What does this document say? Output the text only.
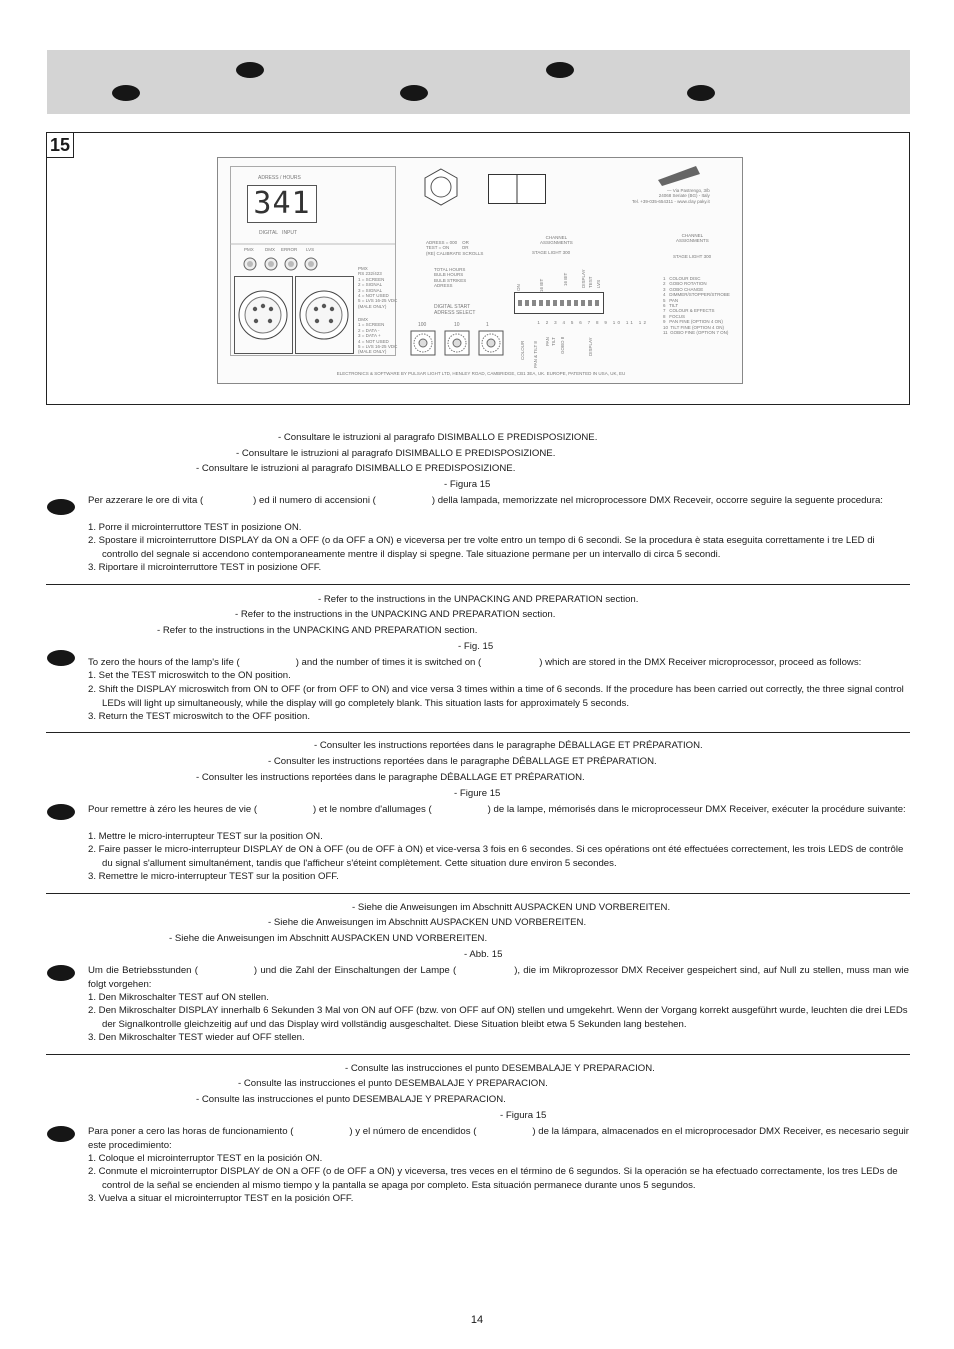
15
ADRESS / HOURS
341
DIGITAL   INPUT
PMX DMX ERROR LVS
PMX
RS 232/423
1 = SCREEN
2 = SIGNAL
3 = SIGNAL
4 = NOT USED
5 = LVS 16-25 VDC
(MALE ONLY)
DMX
1 = SCREEN
2 = DATA -
3 = DATA +
4 = NOT USED
5 = LVS 16-25 VDC
(MALE ONLY)
ADRESS = 000    OR
TEST = ON          OR
(RE) CALIBRATE SCROLLS
TOTAL HOURS
BULB HOURS
BULB STRIKES
ADRESS
DIGITAL START
ADRESS SELECT
100	10	1
CHANNEL
ASSIGNMENTS
STAGE LIGHT 300
ON	16 BIT	16 BIT	DISPLAY TEST LVS

1 2 3 4 5 6 7 8 9 10 11 12

COLOUR PAN & TILT 8 PAN TILT GOBO 8	DISPLAY
— Via Pastrengo, 3/b
24068 Seriate (BG) - Italy
Tel. +39-035-654311 - www.clay paky.it
CHANNEL
ASSIGNMENTS
STAGE LIGHT 300
1   COLOUR DISC
2   GOBO ROTATION
3   GOBO CHANGE
4   DIMMER/STOPPER/STROBE
5   PAN
6   TILT
7   COLOUR & EFFECTS
8   FOCUS
9   PAN FINE (OPTION 4 ON)
10  TILT FINE (OPTION 4 ON)
11  GOBO FINE (OPTION 7 ON)
ELECTRONICS & SOFTWARE BY PULSAR LIGHT LTD, HENLEY ROAD, CAMBRIDGE, CB1 3EA, UK. EUROPE, PATENTED IN USA, UK, EU
- Consultare le istruzioni al paragrafo DISIMBALLO E PREDISPOSIZIONE.
- Consultare le istruzioni al paragrafo DISIMBALLO E PREDISPOSIZIONE.
- Consultare le istruzioni al paragrafo DISIMBALLO E PREDISPOSIZIONE.
- Figura 15
Per azzerare le ore di vita (	) ed il numero di accensioni (	) della lampada, memorizzate nel microprocessore DMX Receveir, occorre seguire la seguente procedura:
1. Porre il microinterruttore TEST in posizione ON.
2. Spostare il microinterruttore DISPLAY da ON a OFF (o da OFF a ON) e viceversa per tre volte entro un tempo di 6 secondi. Se la procedura è stata eseguita correttamente i tre LED di controllo del segnale si accendono contemporaneamente mentre il display si spegne. Tale situazione permane per un intervallo di circa 5 secondi.
3. Riportare il microinterruttore TEST in posizione OFF.
- Refer to the instructions in the UNPACKING AND PREPARATION section.
- Refer to the instructions in the UNPACKING AND PREPARATION section.
- Refer to the instructions in the UNPACKING AND PREPARATION section.
- Fig. 15
To zero the hours of the lamp's life (	) and the number of times it is switched on (	) which are stored in the DMX Receiver microprocessor, proceed as follows:
1. Set the TEST microswitch to the ON position.
2. Shift the DISPLAY microswitch from ON to OFF (or from OFF to ON) and vice versa 3 times within a time of 6 seconds. If the procedure has been carried out correctly, the three signal control LEDs will light up simultaneously, while the display will go completely blank. This situation lasts for approximately 5 seconds.
3. Return the TEST microswitch to the OFF position.
- Consulter les instructions reportées dans le paragraphe DÉBALLAGE ET PRÉPARATION.
- Consulter les instructions reportées dans le paragraphe DÉBALLAGE ET PRÉPARATION.
- Consulter les instructions reportées dans le paragraphe DÉBALLAGE ET PRÉPARATION.
- Figure 15
Pour remettre à zéro les heures de vie (	) et le nombre d'allumages (	) de la lampe, mémorisés dans le microprocesseur DMX Receiver, exécuter la procédure suivante:
1. Mettre le micro-interrupteur TEST sur la position ON.
2. Faire passer le micro-interrupteur DISPLAY de ON à OFF (ou de OFF à ON) et vice-versa 3 fois en 6 secondes. Si ces opérations ont été effectuées correctement, les trois LEDS de contrôle du signal s'allument simultanément, tandis que l'afficheur s'éteint complètement. Cette situation dure environ 5 secondes.
3. Remettre le micro-interrupteur TEST sur la position OFF.
- Siehe die Anweisungen im Abschnitt AUSPACKEN UND VORBEREITEN.
- Siehe die Anweisungen im Abschnitt AUSPACKEN UND VORBEREITEN.
- Siehe die Anweisungen im Abschnitt AUSPACKEN UND VORBEREITEN.
- Abb. 15
Um die Betriebsstunden (	) und die Zahl der Einschaltungen der Lampe (	), die im Mikroprozessor DMX Receiver gespeichert sind, auf Null zu stellen, muss man wie folgt vorgehen:
1. Den Mikroschalter TEST auf ON stellen.
2. Den Mikroschalter DISPLAY innerhalb 6 Sekunden 3 Mal von ON auf OFF (bzw. von OFF auf ON) stellen und umgekehrt. Wenn der Vorgang korrekt ausgeführt wurde, leuchten die drei LEDs der Signalkontrolle gleichzeitig auf und das Display wird vollständig ausgeschaltet. Diese Situation bleibt etwa 5 Sekunden lang bestehen.
3. Den Mikroschalter TEST wieder auf OFF stellen.
- Consulte las instrucciones el punto DESEMBALAJE Y PREPARACION.
- Consulte las instrucciones el punto DESEMBALAJE Y PREPARACION.
- Consulte las instrucciones el punto DESEMBALAJE Y PREPARACION.
- Figura 15
Para poner a cero las horas de funcionamiento (	) y el número de encendidos (	) de la lámpara, almacenados en el microprocesador DMX Receiver, es necesario seguir este procedimiento:
1. Coloque el microinterruptor TEST en la posición ON.
2. Conmute el microinterruptor DISPLAY de ON a OFF (o de OFF a ON) y viceversa, tres veces en el término de 6 segundos. Si la operación se ha efectuado correctamente, los tres LEDs de control de la señal se encienden al mismo tiempo y la pantalla se apaga por completo. Esta situación permanece durante unos 5 segundos.
3. Vuelva a situar el microinterruptor TEST en la posición OFF.
14
